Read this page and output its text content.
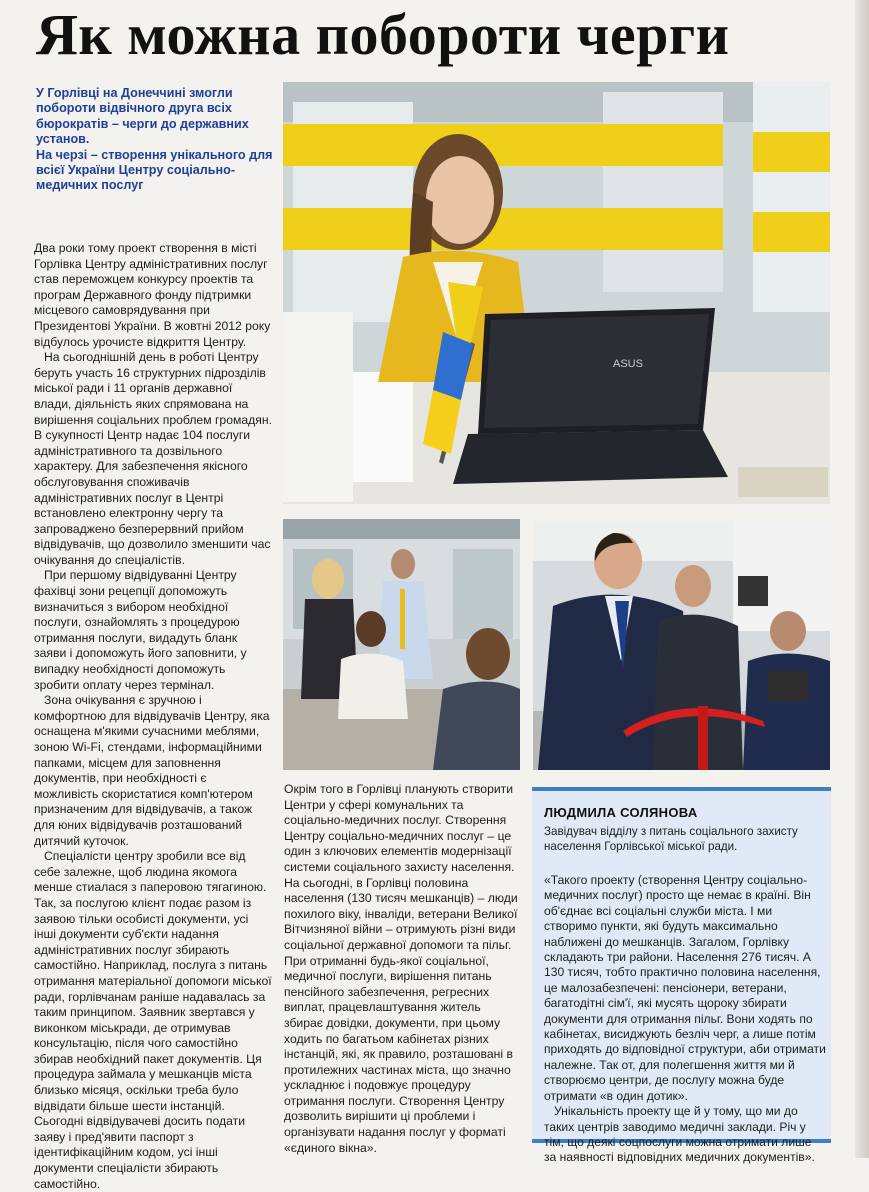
Як можна побороти черги

У Горлівці на Донеччині змогли побороти відвічного друга всіх бюрократів – черги до державних установ.

На черзі – створення унікального для всієї України Центру соціально-медичних послуг

Два роки тому проект створення в місті Горлівка Центру адміністративних послуг став переможцем конкурсу проектів та програм Державного фонду підтримки місцевого самоврядування при Президентові України. В жовтні 2012 року відбулось урочисте відкриття Центру.

На сьогоднішній день в роботі Центру беруть участь 16 структурних підрозділів міської ради і 11 органів державної влади, діяльність яких спрямована на вирішення соціальних проблем громадян. В сукупності Центр надає 104 послуги адміністративного та дозвільного характеру. Для забезпечення якісного обслуговування споживачів адміністративних послуг в Центрі встановлено електронну чергу та запроваджено безперервний прийом відвідувачів, що дозволило зменшити час очікування до спеціалістів.

При першому відвідуванні Центру фахівці зони рецепції допоможуть визначиться з вибором необхідної послуги, ознайомлять з процедурою отримання послуги, видадуть бланк заяви і допоможуть його заповнити, у випадку необхідності допоможуть зробити оплату через термінал.

Зона очікування є зручною і комфортною для відвідувачів Центру, яка оснащена м'якими сучасними меблями, зоною Wi-Fi, стендами, інформаційними папками, місцем для заповнення документів, при необхідності є можливість скористатися комп'ютером призначеним для відвідувачів, а також для юних відвідувачів розташований дитячий куточок.

Спеціалісти центру зробили все від себе залежне, щоб людина якомога менше стиалася з паперовою тягагиною. Так, за послугою клієнт подає разом із заявою тільки особисті документи, усі інші документи суб'єкти надання адміністративних послуг збирають самостійно. Наприклад, послуга з питань отримання матеріальної допомоги міської ради, горлівчанам раніше надавалась за таким принципом. Заявник звертався у виконком міськради, де отримував консультацію, після чого самостійно збирав необхідний пакет документів. Ця процедура займала у мешканців міста близько місяця, оскільки треба було відвідати більше шести інстанцій. Сьогодні відвідувачеві досить подати заяву і пред'явити паспорт з ідентифікаційним кодом, усі інші документи спеціалісти збирають самостійно.

ASUS

Окрім того в Горлівці планують створити Центри у сфері комунальних та соціально-медичних послуг. Створення Центру соціально-медичних послуг – це один з ключових елементів модернізації системи соціального захисту населення. На сьогодні, в Горлівці половина населення (130 тисяч мешканців) – люди похилого віку, інваліди, ветерани Великої Вітчизняної війни – отримують різні види соціальної державної допомоги та пільг. При отриманні будь-якої соціальної, медичної послуги, вирішення питань пенсійного забезпечення, регресних виплат, працевлаштування житель збирає довідки, документи, при цьому ходить по багатьом кабінетах різних інстанцій, які, як правило, розташовані в протилежних частинах міста, що значно ускладнює і подовжує процедуру отримання послуги. Створення Центру дозволить вирішити ці проблеми і організувати надання послуг у форматі «єдиного вікна».

ЛЮДМИЛА СОЛЯНОВА
Завідувач відділу з питань соціального захисту населення Горлівської міської ради.

«Такого проекту (створення Центру соціально-медичних послуг) просто ще немає в країні. Він об'єднає всі соціальні служби міста. І ми створимо пункти, які будуть максимально наближені до мешканців. Загалом, Горлівку складають три райони. Населення 276 тисяч. А 130 тисяч, тобто практично половина населення, це малозабезпечені: пенсіонери, ветерани, багатодітні сім'ї, які мусять щороку збирати документи для отримання пільг. Вони ходять по кабінетах, висиджують безліч черг, а лише потім приходять до відповідної структури, аби отримати належне. Так от, для полегшення життя ми й створюємо центри, де послугу можна буде отримати «в один дотик».

Унікальність проекту ще й у тому, що ми до таких центрів заводимо медичні заклади. Річ у тім, що деякі соцпослуги можна отримати лише за наявності відповідних медичних документів».
